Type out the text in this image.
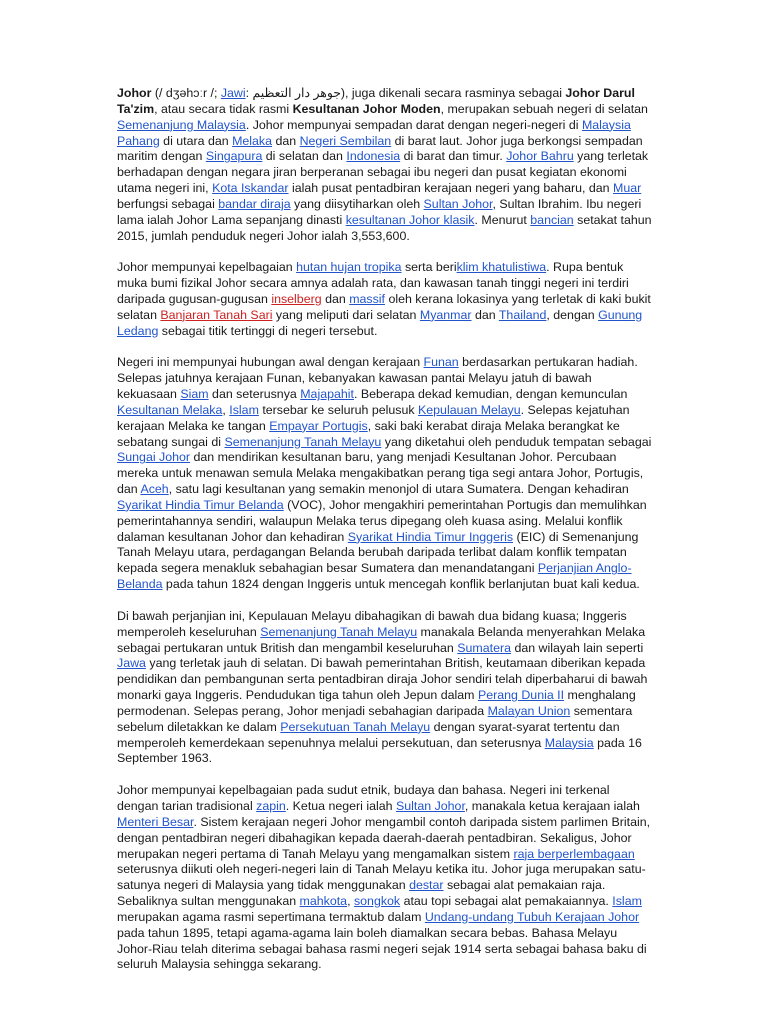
Johor (/ dʒəhɔːr /; Jawi: جوهر دار التعظيم‎), juga dikenali secara rasminya sebagai Johor Darul Ta'zim, atau secara tidak rasmi Kesultanan Johor Moden, merupakan sebuah negeri di selatan Semenanjung Malaysia. Johor mempunyai sempadan darat dengan negeri-negeri di Malaysia Pahang di utara dan Melaka dan Negeri Sembilan di barat laut. Johor juga berkongsi sempadan maritim dengan Singapura di selatan dan Indonesia di barat dan timur. Johor Bahru yang terletak berhadapan dengan negara jiran berperanan sebagai ibu negeri dan pusat kegiatan ekonomi utama negeri ini, Kota Iskandar ialah pusat pentadbiran kerajaan negeri yang baharu, dan Muar berfungsi sebagai bandar diraja yang diisytiharkan oleh Sultan Johor, Sultan Ibrahim. Ibu negeri lama ialah Johor Lama sepanjang dinasti kesultanan Johor klasik. Menurut bancian setakat tahun 2015, jumlah penduduk negeri Johor ialah 3,553,600.

Johor mempunyai kepelbagaian hutan hujan tropika serta beriklim khatulistiwa. Rupa bentuk muka bumi fizikal Johor secara amnya adalah rata, dan kawasan tanah tinggi negeri ini terdiri daripada gugusan-gugusan inselberg dan massif oleh kerana lokasinya yang terletak di kaki bukit selatan Banjaran Tanah Sari yang meliputi dari selatan Myanmar dan Thailand, dengan Gunung Ledang sebagai titik tertinggi di negeri tersebut.

Negeri ini mempunyai hubungan awal dengan kerajaan Funan berdasarkan pertukaran hadiah. Selepas jatuhnya kerajaan Funan, kebanyakan kawasan pantai Melayu jatuh di bawah kekuasaan Siam dan seterusnya Majapahit. Beberapa dekad kemudian, dengan kemunculan Kesultanan Melaka, Islam tersebar ke seluruh pelusuk Kepulauan Melayu. Selepas kejatuhan kerajaan Melaka ke tangan Empayar Portugis, saki baki kerabat diraja Melaka berangkat ke sebatang sungai di Semenanjung Tanah Melayu yang diketahui oleh penduduk tempatan sebagai Sungai Johor dan mendirikan kesultanan baru, yang menjadi Kesultanan Johor. Percubaan mereka untuk menawan semula Melaka mengakibatkan perang tiga segi antara Johor, Portugis, dan Aceh, satu lagi kesultanan yang semakin menonjol di utara Sumatera. Dengan kehadiran Syarikat Hindia Timur Belanda (VOC), Johor mengakhiri pemerintahan Portugis dan memulihkan pemerintahannya sendiri, walaupun Melaka terus dipegang oleh kuasa asing. Melalui konflik dalaman kesultanan Johor dan kehadiran Syarikat Hindia Timur Inggeris (EIC) di Semenanjung Tanah Melayu utara, perdagangan Belanda berubah daripada terlibat dalam konflik tempatan kepada segera menakluk sebahagian besar Sumatera dan menandatangani Perjanjian Anglo-Belanda pada tahun 1824 dengan Inggeris untuk mencegah konflik berlanjutan buat kali kedua.

Di bawah perjanjian ini, Kepulauan Melayu dibahagikan di bawah dua bidang kuasa; Inggeris memperoleh keseluruhan Semenanjung Tanah Melayu manakala Belanda menyerahkan Melaka sebagai pertukaran untuk British dan mengambil keseluruhan Sumatera dan wilayah lain seperti Jawa yang terletak jauh di selatan. Di bawah pemerintahan British, keutamaan diberikan kepada pendidikan dan pembangunan serta pentadbiran diraja Johor sendiri telah diperbaharui di bawah monarki gaya Inggeris. Pendudukan tiga tahun oleh Jepun dalam Perang Dunia II menghalang permodenan. Selepas perang, Johor menjadi sebahagian daripada Malayan Union sementara sebelum diletakkan ke dalam Persekutuan Tanah Melayu dengan syarat-syarat tertentu dan memperoleh kemerdekaan sepenuhnya melalui persekutuan, dan seterusnya Malaysia pada 16 September 1963.

Johor mempunyai kepelbagaian pada sudut etnik, budaya dan bahasa. Negeri ini terkenal dengan tarian tradisional zapin. Ketua negeri ialah Sultan Johor, manakala ketua kerajaan ialah Menteri Besar. Sistem kerajaan negeri Johor mengambil contoh daripada sistem parlimen Britain, dengan pentadbiran negeri dibahagikan kepada daerah-daerah pentadbiran. Sekaligus, Johor merupakan negeri pertama di Tanah Melayu yang mengamalkan sistem raja berperlembagaan seterusnya diikuti oleh negeri-negeri lain di Tanah Melayu ketika itu. Johor juga merupakan satu-satunya negeri di Malaysia yang tidak menggunakan destar sebagai alat pemakaian raja. Sebaliknya sultan menggunakan mahkota, songkok atau topi sebagai alat pemakaiannya. Islam merupakan agama rasmi sepertimana termaktub dalam Undang-undang Tubuh Kerajaan Johor pada tahun 1895, tetapi agama-agama lain boleh diamalkan secara bebas. Bahasa Melayu Johor-Riau telah diterima sebagai bahasa rasmi negeri sejak 1914 serta sebagai bahasa baku di seluruh Malaysia sehingga sekarang.
